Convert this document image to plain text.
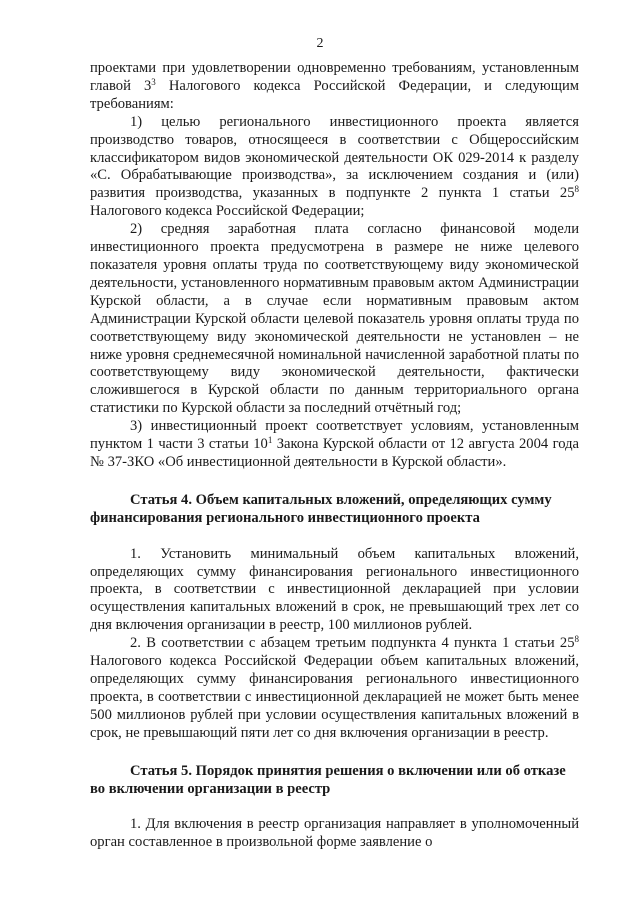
2

проектами при удовлетворении одновременно требованиям, установленным главой $3^3$ Налогового кодекса Российской Федерации, и следующим требованиям:

1) целью регионального инвестиционного проекта является производство товаров, относящееся в соответствии с Общероссийским классификатором видов экономической деятельности ОК 029-2014 к разделу «С. Обрабатывающие производства», за исключением создания и (или) развития производства, указанных в подпункте 2 пункта 1 статьи $25^8$ Налогового кодекса Российской Федерации;

2) средняя заработная плата согласно финансовой модели инвестиционного проекта предусмотрена в размере не ниже целевого показателя уровня оплаты труда по соответствующему виду экономической деятельности, установленного нормативным правовым актом Администрации Курской области, а в случае если нормативным правовым актом Администрации Курской области целевой показатель уровня оплаты труда по соответствующему виду экономической деятельности не установлен – не ниже уровня среднемесячной номинальной начисленной заработной платы по соответствующему виду экономической деятельности, фактически сложившегося в Курской области по данным территориального органа статистики по Курской области за последний отчётный год;

3) инвестиционный проект соответствует условиям, установленным пунктом 1 части 3 статьи $10^1$ Закона Курской области от 12 августа 2004 года № 37-ЗКО «Об инвестиционной деятельности в Курской области».

Статья 4. Объем капитальных вложений, определяющих сумму финансирования регионального инвестиционного проекта

1. Установить минимальный объем капитальных вложений, определяющих сумму финансирования регионального инвестиционного проекта, в соответствии с инвестиционной декларацией при условии осуществления капитальных вложений в срок, не превышающий трех лет со дня включения организации в реестр, 100 миллионов рублей.

2. В соответствии с абзацем третьим подпункта 4 пункта 1 статьи $25^8$ Налогового кодекса Российской Федерации объем капитальных вложений, определяющих сумму финансирования регионального инвестиционного проекта, в соответствии с инвестиционной декларацией не может быть менее 500 миллионов рублей при условии осуществления капитальных вложений в срок, не превышающий пяти лет со дня включения организации в реестр.

Статья 5. Порядок принятия решения о включении или об отказе во включении организации в реестр

1. Для включения в реестр организация направляет в уполномоченный орган составленное в произвольной форме заявление о
